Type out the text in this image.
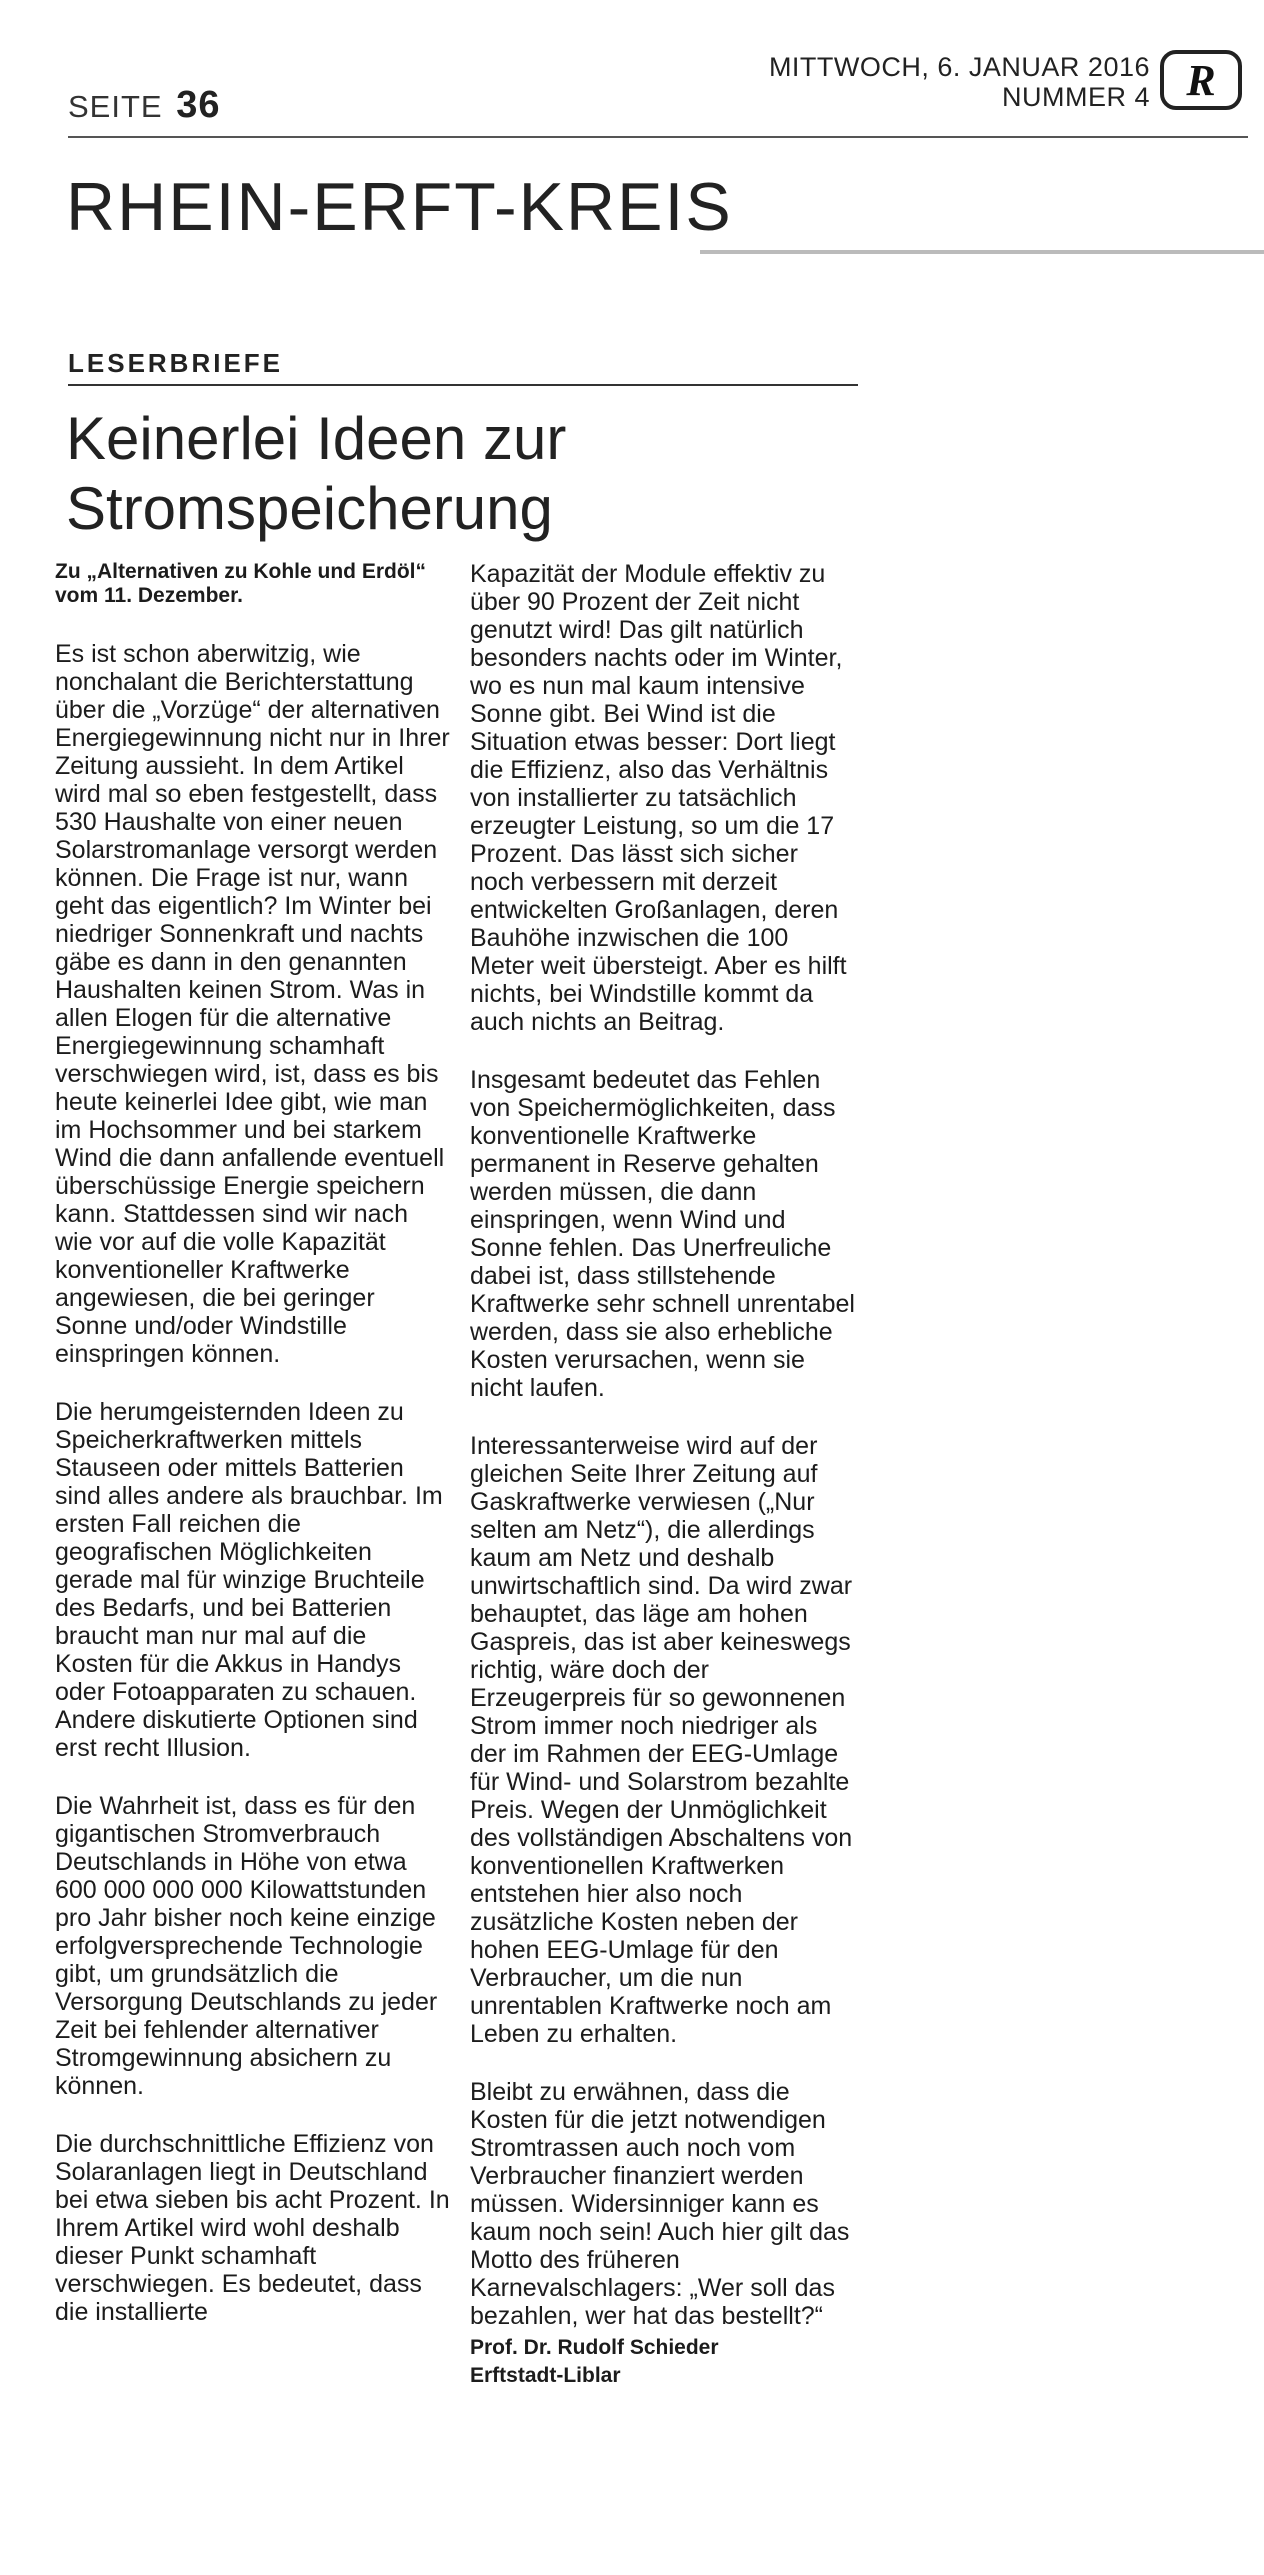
SEITE 36
MITTWOCH, 6. JANUAR 2016
NUMMER 4 R
RHEIN-ERFT-KREIS
LESERBRIEFE
Keinerlei Ideen zur Stromspeicherung

Zu „Alternativen zu Kohle und Erdöl“ vom 11. Dezember.

Es ist schon aberwitzig, wie nonchalant die Berichterstattung über die „Vorzüge“ der alternativen Energiegewinnung nicht nur in Ihrer Zeitung aussieht. In dem Artikel wird mal so eben festgestellt, dass 530 Haushalte von einer neuen Solarstromanlage versorgt werden können. Die Frage ist nur, wann geht das eigentlich? Im Winter bei niedriger Sonnenkraft und nachts gäbe es dann in den genannten Haushalten keinen Strom. Was in allen Elogen für die alternative Energiegewinnung schamhaft verschwiegen wird, ist, dass es bis heute keinerlei Idee gibt, wie man im Hochsommer und bei starkem Wind die dann anfallende eventuell überschüssige Energie speichern kann. Stattdessen sind wir nach wie vor auf die volle Kapazität konventioneller Kraftwerke angewiesen, die bei geringer Sonne und/oder Windstille einspringen können.

Die herumgeisternden Ideen zu Speicherkraftwerken mittels Stauseen oder mittels Batterien sind alles andere als brauchbar. Im ersten Fall reichen die geografischen Möglichkeiten gerade mal für winzige Bruchteile des Bedarfs, und bei Batterien braucht man nur mal auf die Kosten für die Akkus in Handys oder Fotoapparaten zu schauen. Andere diskutierte Optionen sind erst recht Illusion.

Die Wahrheit ist, dass es für den gigantischen Stromverbrauch Deutschlands in Höhe von etwa 600 000 000 000 Kilowattstunden pro Jahr bisher noch keine einzige erfolgversprechende Technologie gibt, um grundsätzlich die Versorgung Deutschlands zu jeder Zeit bei fehlender alternativer Stromgewinnung absichern zu können.

Die durchschnittliche Effizienz von Solaranlagen liegt in Deutschland bei etwa sieben bis acht Prozent. In Ihrem Artikel wird wohl deshalb dieser Punkt schamhaft verschwiegen. Es bedeutet, dass die installierte

Kapazität der Module effektiv zu über 90 Prozent der Zeit nicht genutzt wird! Das gilt natürlich besonders nachts oder im Winter, wo es nun mal kaum intensive Sonne gibt. Bei Wind ist die Situation etwas besser: Dort liegt die Effizienz, also das Verhältnis von installierter zu tatsächlich erzeugter Leistung, so um die 17 Prozent. Das lässt sich sicher noch verbessern mit derzeit entwickelten Großanlagen, deren Bauhöhe inzwischen die 100 Meter weit übersteigt. Aber es hilft nichts, bei Windstille kommt da auch nichts an Beitrag.

Insgesamt bedeutet das Fehlen von Speichermöglichkeiten, dass konventionelle Kraftwerke permanent in Reserve gehalten werden müssen, die dann einspringen, wenn Wind und Sonne fehlen. Das Unerfreuliche dabei ist, dass stillstehende Kraftwerke sehr schnell unrentabel werden, dass sie also erhebliche Kosten verursachen, wenn sie nicht laufen.

Interessanterweise wird auf der gleichen Seite Ihrer Zeitung auf Gaskraftwerke verwiesen („Nur selten am Netz“), die allerdings kaum am Netz und deshalb unwirtschaftlich sind. Da wird zwar behauptet, das läge am hohen Gaspreis, das ist aber keineswegs richtig, wäre doch der Erzeugerpreis für so gewonnenen Strom immer noch niedriger als der im Rahmen der EEG-Umlage für Wind- und Solarstrom bezahlte Preis. Wegen der Unmöglichkeit des vollständigen Abschaltens von konventionellen Kraftwerken entstehen hier also noch zusätzliche Kosten neben der hohen EEG-Umlage für den Verbraucher, um die nun unrentablen Kraftwerke noch am Leben zu erhalten.

Bleibt zu erwähnen, dass die Kosten für die jetzt notwendigen Stromtrassen auch noch vom Verbraucher finanziert werden müssen. Widersinniger kann es kaum noch sein! Auch hier gilt das Motto des früheren Karnevalschlagers: „Wer soll das bezahlen, wer hat das bestellt?“

Prof. Dr. Rudolf Schieder

Erftstadt-Liblar
